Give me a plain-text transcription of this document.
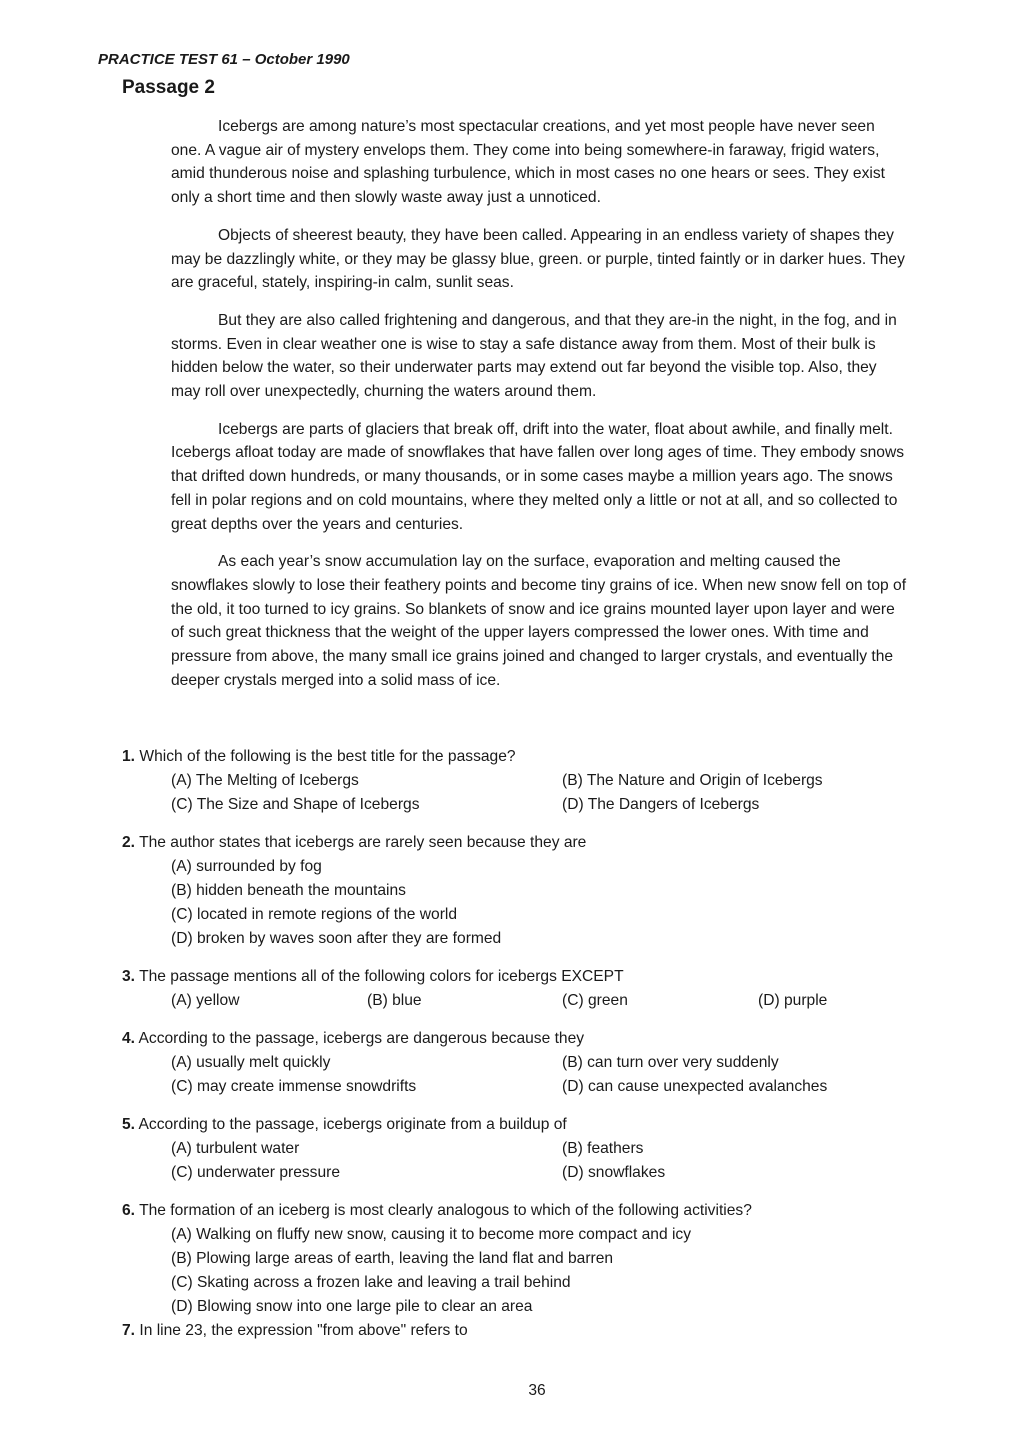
PRACTICE TEST 61 – October 1990
Passage 2

Icebergs are among nature’s most spectacular creations, and yet most people have never seen one. A vague air of mystery envelops them. They come into being somewhere-in faraway, frigid waters, amid thunderous noise and splashing turbulence, which in most cases no one hears or sees. They exist only a short time and then slowly waste away just a unnoticed.

Objects of sheerest beauty, they have been called. Appearing in an endless variety of shapes they may be dazzlingly white, or they may be glassy blue, green. or purple, tinted faintly or in darker hues. They are graceful, stately, inspiring-in calm, sunlit seas.

But they are also called frightening and dangerous, and that they are-in the night, in the fog, and in storms. Even in clear weather one is wise to stay a safe distance away from them. Most of their bulk is hidden below the water, so their underwater parts may extend out far beyond the visible top. Also, they may roll over unexpectedly, churning the waters around them.

Icebergs are parts of glaciers that break off, drift into the water, float about awhile, and finally melt. Icebergs afloat today are made of snowflakes that have fallen over long ages of time. They embody snows that drifted down hundreds, or many thousands, or in some cases maybe a million years ago. The snows fell in polar regions and on cold mountains, where they melted only a little or not at all, and so collected to great depths over the years and centuries.

As each year’s snow accumulation lay on the surface, evaporation and melting caused the snowflakes slowly to lose their feathery points and become tiny grains of ice. When new snow fell on top of the old, it too turned to icy grains. So blankets of snow and ice grains mounted layer upon layer and were of such great thickness that the weight of the upper layers compressed the lower ones. With time and pressure from above, the many small ice grains joined and changed to larger crystals, and eventually the deeper crystals merged into a solid mass of ice.

1. Which of the following is the best title for the passage?
(A) The Melting of Icebergs	(B) The Nature and Origin of Icebergs
(C) The Size and Shape of Icebergs	(D) The Dangers of Icebergs
2. The author states that icebergs are rarely seen because they are
(A) surrounded by fog
(B) hidden beneath the mountains
(C) located in remote regions of the world
(D) broken by waves soon after they are formed
3. The passage mentions all of the following colors for icebergs EXCEPT
(A) yellow	(B) blue	(C) green	(D) purple
4. According to the passage, icebergs are dangerous because they
(A) usually melt quickly	(B) can turn over very suddenly
(C) may create immense snowdrifts	(D) can cause unexpected avalanches
5. According to the passage, icebergs originate from a buildup of
(A) turbulent water	(B) feathers
(C) underwater pressure	(D) snowflakes
6. The formation of an iceberg is most clearly analogous to which of the following activities?
(A) Walking on fluffy new snow, causing it to become more compact and icy
(B) Plowing large areas of earth, leaving the land flat and barren
(C) Skating across a frozen lake and leaving a trail behind
(D) Blowing snow into one large pile to clear an area
7. In line 23, the expression "from above" refers to
36
